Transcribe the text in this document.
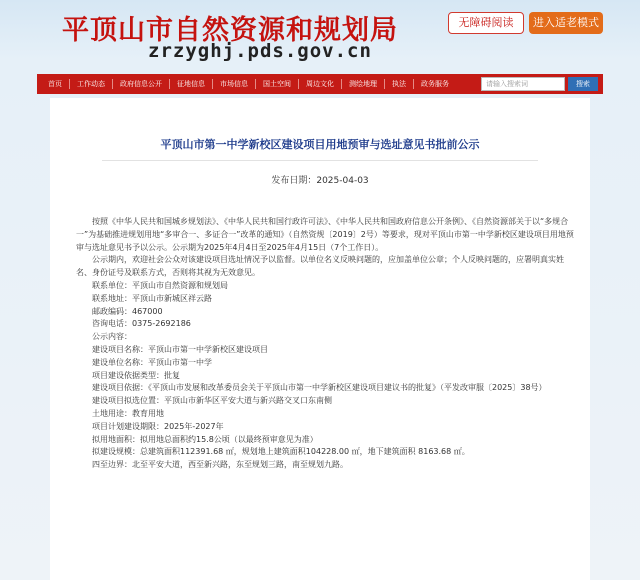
平顶山市自然资源和规划局
zrzyghj.pds.gov.cn
无障碍阅读	进入适老模式
首页	工作动态	政府信息公开	征地信息	市场信息	国土空间	周边文化	测绘地理	执法	政务服务	请输入搜索词	搜索
平顶山市第一中学新校区建设项目用地预审与选址意见书批前公示
发布日期：2025-04-03

按照《中华人民共和国城乡规划法》、《中华人民共和国行政许可法》、《中华人民共和国政府信息公开条例》、《自然资源部关于以“多规合一”为基础推进规划用地“多审合一、多证合一”改革的通知》（自然资规〔2019〕2号）等要求，现对平顶山市第一中学新校区建设项目用地预审与选址意见书予以公示。公示期为2025年4月4日至2025年4月15日（7个工作日）。

公示期内，欢迎社会公众对该建设项目选址情况予以监督。以单位名义反映问题的，应加盖单位公章；个人反映问题的，应署明真实姓名、身份证号及联系方式，否则将其视为无效意见。

联系单位：平顶山市自然资源和规划局

联系地址：平顶山市新城区祥云路

邮政编码：467000

咨询电话：0375-2692186

公示内容：

建设项目名称：平顶山市第一中学新校区建设项目

建设单位名称：平顶山市第一中学

项目建设依据类型：批复

建设项目依据：《平顶山市发展和改革委员会关于平顶山市第一中学新校区建设项目建议书的批复》（平发改审服〔2025〕38号）

建设项目拟选位置：平顶山市新华区平安大道与新兴路交叉口东南侧

土地用途：教育用地

项目计划建设期限：2025年-2027年

拟用地面积：拟用地总面积约15.8公顷（以最终预审意见为准）

拟建设规模：总建筑面积112391.68 ㎡，规划地上建筑面积104228.00 ㎡，地下建筑面积 8163.68 ㎡。

四至边界：北至平安大道，西至新兴路，东至规划三路，南至规划九路。
